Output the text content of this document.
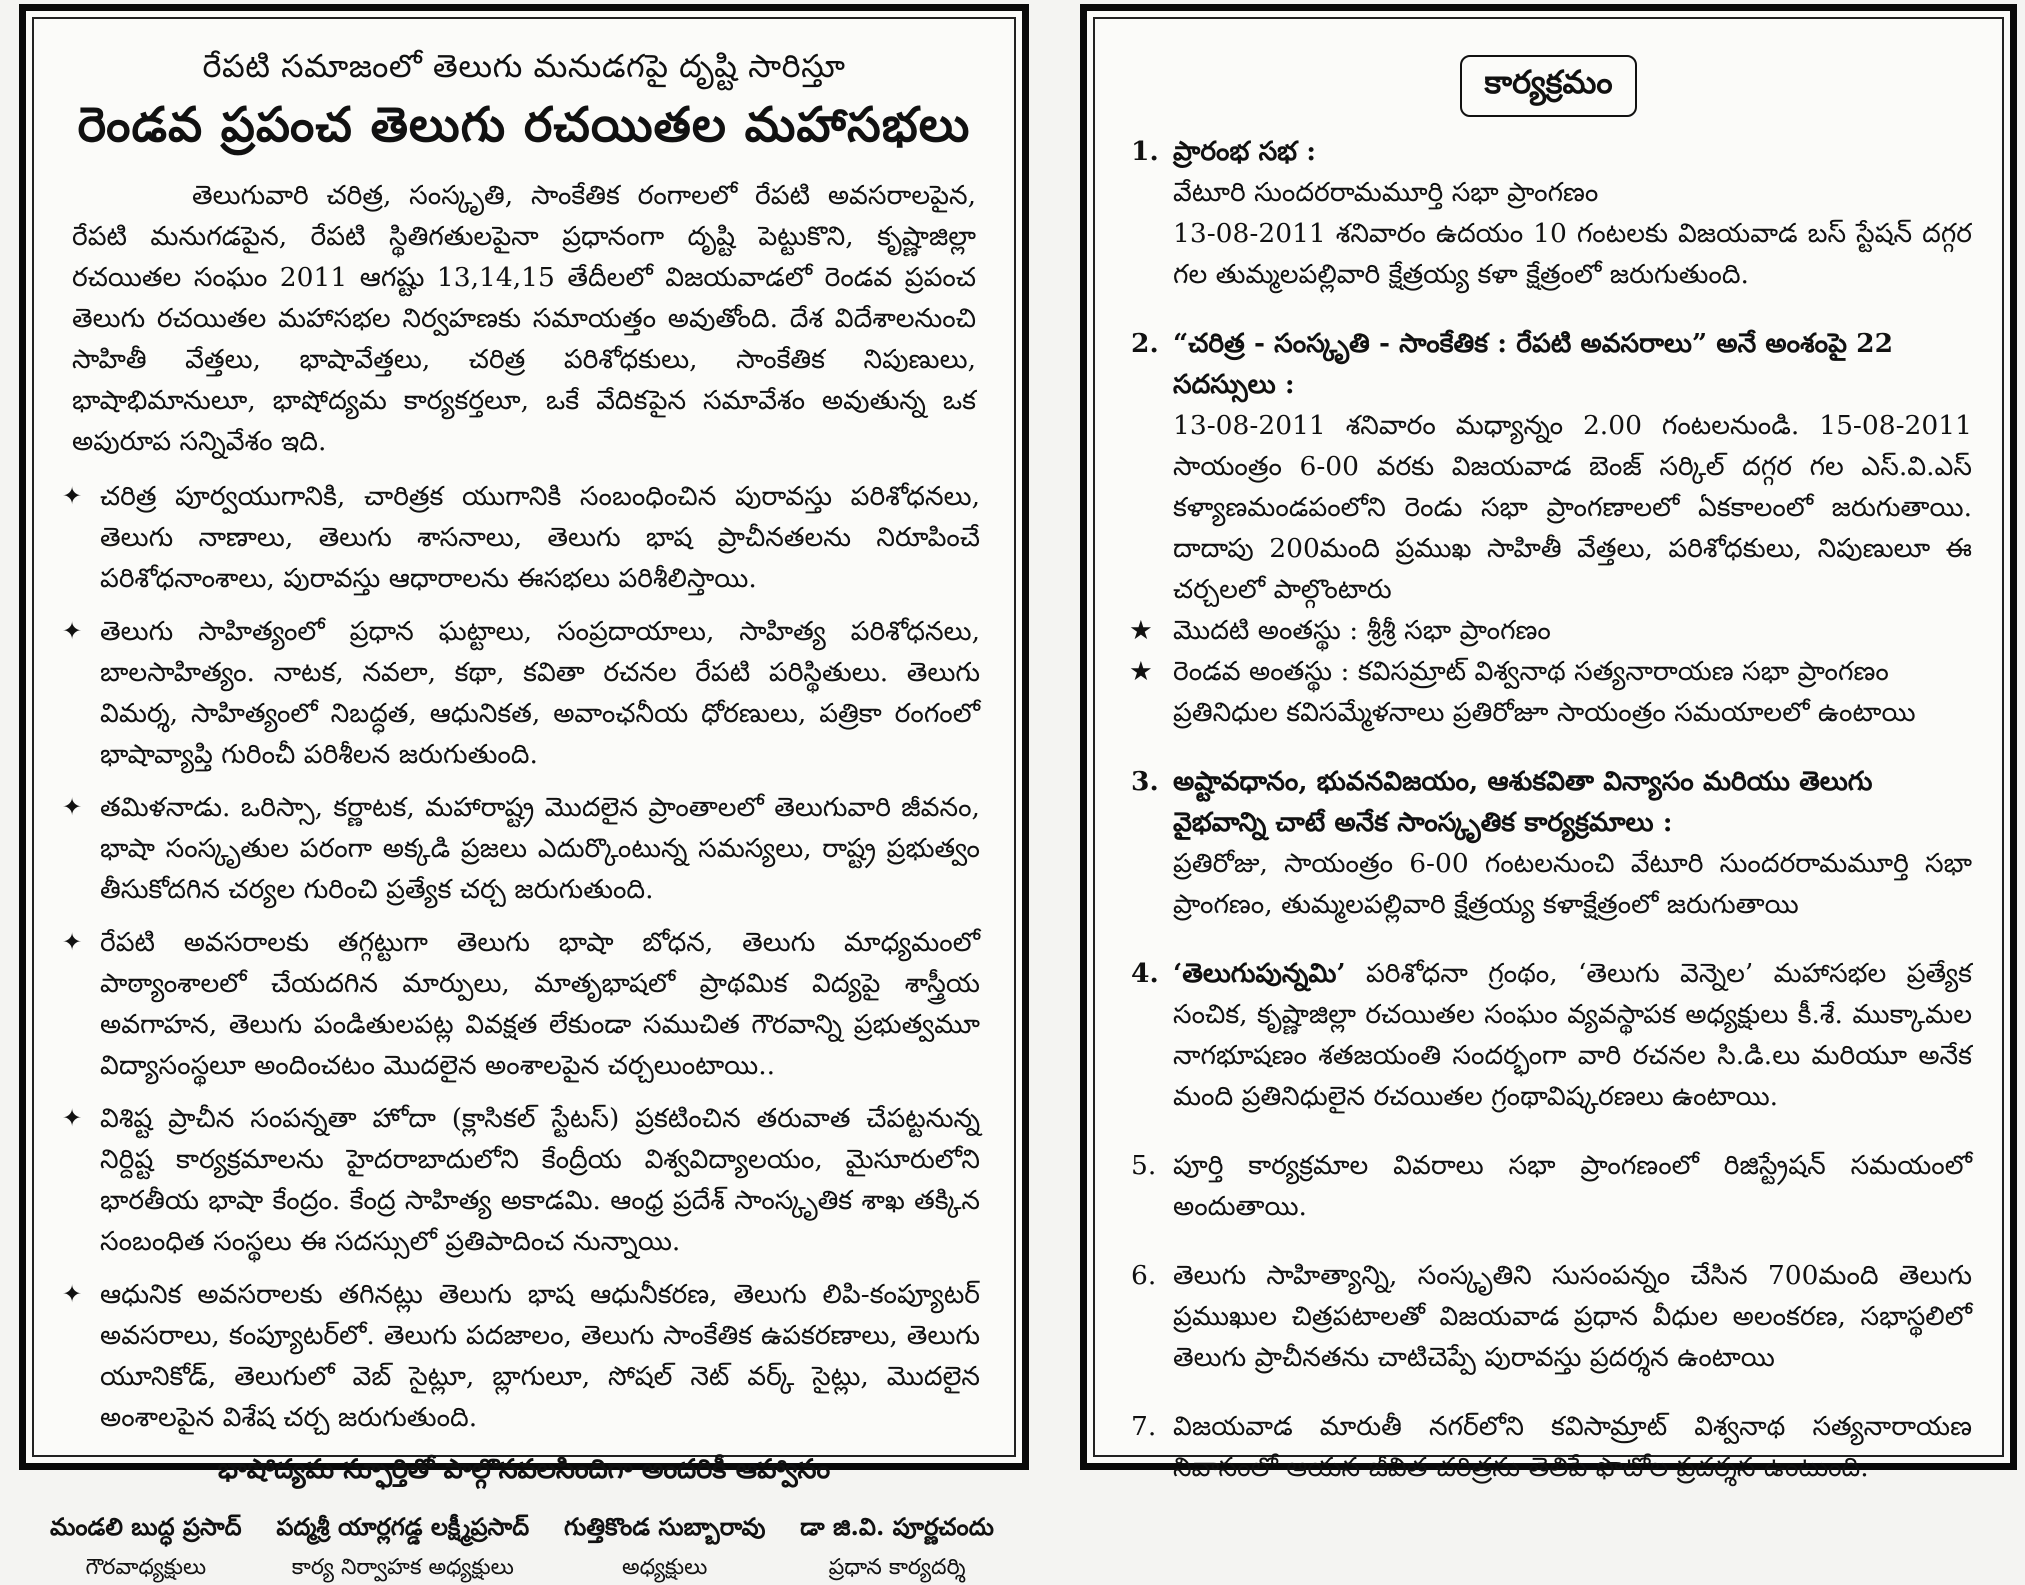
రేపటి సమాజంలో తెలుగు మనుడగపై దృష్టి సారిస్తూ
రెండవ ప్రపంచ తెలుగు రచయితల మహాసభలు

తెలుగువారి చరిత్ర, సంస్కృతి, సాంకేతిక రంగాలలో రేపటి అవసరాలపైన, రేపటి మనుగడపైన, రేపటి స్థితిగతులపైనా ప్రధానంగా దృష్టి పెట్టుకొని, కృష్ణాజిల్లా రచయితల సంఘం 2011 ఆగష్టు 13,14,15 తేదీలలో విజయవాడలో రెండవ ప్రపంచ తెలుగు రచయితల మహాసభల నిర్వహణకు సమాయత్తం అవుతోంది. దేశ విదేశాలనుంచి సాహితీ వేత్తలు, భాషావేత్తలు, చరిత్ర పరిశోధకులు, సాంకేతిక నిపుణులు, భాషాభిమానులూ, భాషోద్యమ కార్యకర్తలూ, ఒకే వేదికపైన సమావేశం అవుతున్న ఒక అపురూప సన్నివేశం ఇది.

✦ చరిత్ర పూర్వయుగానికి, చారిత్రక యుగానికి సంబంధించిన పురావస్తు పరిశోధనలు, తెలుగు నాణాలు, తెలుగు శాసనాలు, తెలుగు భాష ప్రాచీనతలను నిరూపించే పరిశోధనాంశాలు, పురావస్తు ఆధారాలను ఈసభలు పరిశీలిస్తాయి.
✦ తెలుగు సాహిత్యంలో ప్రధాన ఘట్టాలు, సంప్రదాయాలు, సాహిత్య పరిశోధనలు, బాలసాహిత్యం. నాటక, నవలా, కథా, కవితా రచనల రేపటి పరిస్థితులు. తెలుగు విమర్శ, సాహిత్యంలో నిబద్ధత, ఆధునికత, అవాంఛనీయ ధోరణులు, పత్రికా రంగంలో భాషావ్యాప్తి గురించీ పరిశీలన జరుగుతుంది.
✦ తమిళనాడు. ఒరిస్సా, కర్ణాటక, మహారాష్ట్ర మొదలైన ప్రాంతాలలో తెలుగువారి జీవనం, భాషా సంస్కృతుల పరంగా అక్కడి ప్రజలు ఎదుర్కొంటున్న సమస్యలు, రాష్ట్ర ప్రభుత్వం తీసుకోదగిన చర్యల గురించి ప్రత్యేక చర్చ జరుగుతుంది.
✦ రేపటి అవసరాలకు తగ్గట్టుగా తెలుగు భాషా బోధన, తెలుగు మాధ్యమంలో పాఠ్యాంశాలలో చేయదగిన మార్పులు, మాతృభాషలో ప్రాథమిక విద్యపై శాస్త్రీయ అవగాహన, తెలుగు పండితులపట్ల వివక్షత లేకుండా సముచిత గౌరవాన్ని ప్రభుత్వమూ విద్యాసంస్థలూ అందించటం మొదలైన అంశాలపైన చర్చలుంటాయి..
✦ విశిష్ట ప్రాచీన సంపన్నతా హోదా (క్లాసికల్ స్టేటస్) ప్రకటించిన తరువాత చేపట్టనున్న నిర్దిష్ట కార్యక్రమాలను హైదరాబాదులోని కేంద్రీయ విశ్వవిద్యాలయం, మైసూరులోని భారతీయ భాషా కేంద్రం. కేంద్ర సాహిత్య అకాడమి. ఆంధ్ర ప్రదేశ్ సాంస్కృతిక శాఖ తక్కిన సంబంధిత సంస్థలు ఈ సదస్సులో ప్రతిపాదించ నున్నాయి.
✦ ఆధునిక అవసరాలకు తగినట్లు తెలుగు భాష ఆధునీకరణ, తెలుగు లిపి-కంప్యూటర్ అవసరాలు, కంప్యూటర్‌లో. తెలుగు పదజాలం, తెలుగు సాంకేతిక ఉపకరణాలు, తెలుగు యూనికోడ్, తెలుగులో వెబ్ సైట్లూ, బ్లాగులూ, సోషల్ నెట్ వర్క్ సైట్లు, మొదలైన అంశాలపైన విశేష చర్చ జరుగుతుంది.
భాషోద్యమ స్ఫూర్తితో పాల్గొనవలసిందిగా అందరికీ ఆహ్వానం
మండలి బుద్ధ ప్రసాద్
గౌరవాధ్యక్షులు
పద్మశ్రీ యార్లగడ్డ లక్ష్మీప్రసాద్
కార్య నిర్వాహక అధ్యక్షులు
గుత్తికొండ సుబ్బారావు
అధ్యక్షులు
డా జి.వి. పూర్ణచందు
ప్రధాన కార్యదర్శి
కార్యక్రమం
1. ప్రారంభ సభ :
వేటూరి సుందరరామమూర్తి సభా ప్రాంగణం
13-08-2011 శనివారం ఉదయం 10 గంటలకు విజయవాడ బస్ స్టేషన్ దగ్గర గల తుమ్మలపల్లివారి క్షేత్రయ్య కళా క్షేత్రంలో జరుగుతుంది.
2. “చరిత్ర - సంస్కృతి - సాంకేతిక : రేపటి అవసరాలు” అనే అంశంపై 22 సదస్సులు :
13-08-2011 శనివారం మధ్యాన్నం 2.00 గంటలనుండి. 15-08-2011 సాయంత్రం 6-00 వరకు విజయవాడ బెంజ్ సర్కిల్ దగ్గర గల ఎస్.వి.ఎస్ కళ్యాణమండపంలోని రెండు సభా ప్రాంగణాలలో ఏకకాలంలో జరుగుతాయి. దాదాపు 200మంది ప్రముఖ సాహితీ వేత్తలు, పరిశోధకులు, నిపుణులూ ఈ చర్చలలో పాల్గొంటారు
★ మొదటి అంతస్థు : శ్రీశ్రీ సభా ప్రాంగణం
★ రెండవ అంతస్థు : కవిసమ్రాట్ విశ్వనాథ సత్యనారాయణ సభా ప్రాంగణం
ప్రతినిధుల కవిసమ్మేళనాలు ప్రతిరోజూ సాయంత్రం సమయాలలో ఉంటాయి
3. అష్టావధానం, భువనవిజయం, ఆశుకవితా విన్యాసం మరియు తెలుగు వైభవాన్ని చాటే అనేక సాంస్కృతిక కార్యక్రమాలు :
ప్రతిరోజు, సాయంత్రం 6-00 గంటలనుంచి వేటూరి సుందరరామమూర్తి సభా ప్రాంగణం, తుమ్మలపల్లివారి క్షేత్రయ్య కళాక్షేత్రంలో జరుగుతాయి
4. ‘తెలుగుపున్నమి’ పరిశోధనా గ్రంథం, ‘తెలుగు వెన్నెల’ మహాసభల ప్రత్యేక సంచిక, కృష్ణాజిల్లా రచయితల సంఘం వ్యవస్థాపక అధ్యక్షులు కీ.శే. ముక్కామల నాగభూషణం శతజయంతి సందర్భంగా వారి రచనల సి.డి.లు మరియూ అనేక మంది ప్రతినిధులైన రచయితల గ్రంథావిష్కరణలు ఉంటాయి.
5. పూర్తి కార్యక్రమాల వివరాలు సభా ప్రాంగణంలో రిజిస్ట్రేషన్ సమయంలో అందుతాయి.
6. తెలుగు సాహిత్యాన్ని, సంస్కృతిని సుసంపన్నం చేసిన 700మంది తెలుగు ప్రముఖుల చిత్రపటాలతో విజయవాడ ప్రధాన వీధుల అలంకరణ, సభాస్థలిలో తెలుగు ప్రాచీనతను చాటిచెప్పే పురావస్తు ప్రదర్శన ఉంటాయి
7. విజయవాడ మారుతీ నగర్‌లోని కవిసామ్రాట్ విశ్వనాథ సత్యనారాయణ నివాసంలో ఆయన జీవిత చరిత్రను తెలిపే ఫొటోల ప్రదర్శన ఉంటుంది.
